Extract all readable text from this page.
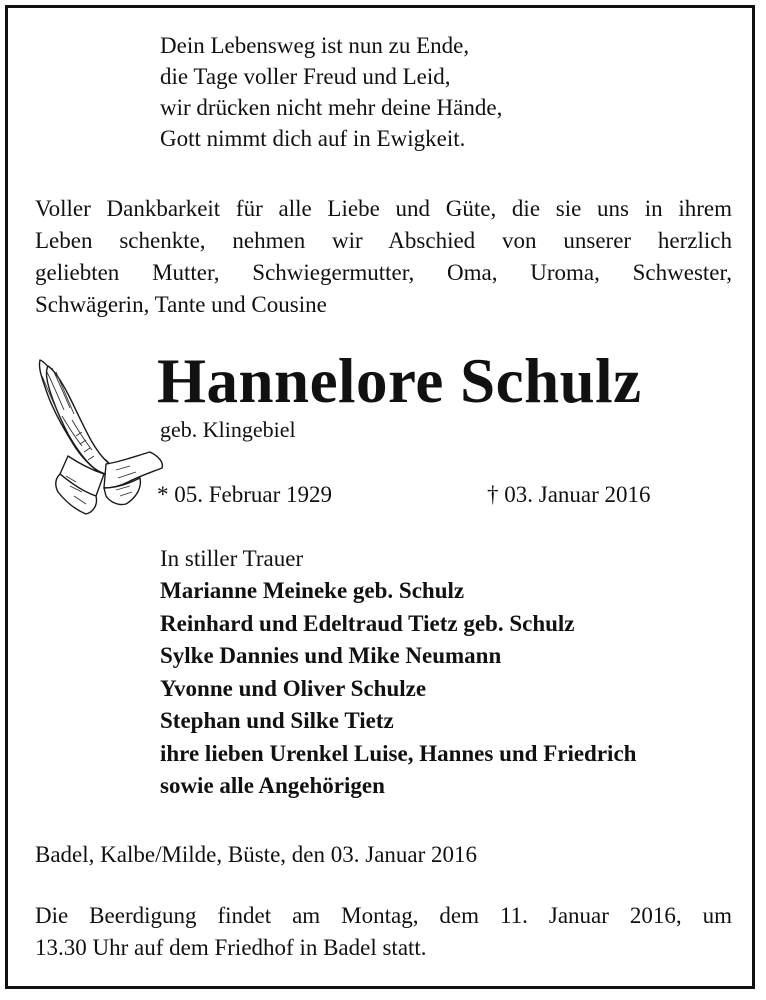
Dein Lebensweg ist nun zu Ende,
die Tage voller Freud und Leid,
wir drücken nicht mehr deine Hände,
Gott nimmt dich auf in Ewigkeit.
Voller Dankbarkeit für alle Liebe und Güte, die sie uns in ihrem
Leben schenkte, nehmen wir Abschied von unserer herzlich
geliebten Mutter, Schwiegermutter, Oma, Uroma, Schwester,
Schwägerin, Tante und Cousine
Hannelore Schulz
geb. Klingebiel
* 05. Februar 1929	† 03. Januar 2016
In stiller Trauer
Marianne Meineke geb. Schulz
Reinhard und Edeltraud Tietz geb. Schulz
Sylke Dannies und Mike Neumann
Yvonne und Oliver Schulze
Stephan und Silke Tietz
ihre lieben Urenkel Luise, Hannes und Friedrich
sowie alle Angehörigen
Badel, Kalbe/Milde, Büste, den 03. Januar 2016
Die Beerdigung findet am Montag, dem 11. Januar 2016, um
13.30 Uhr auf dem Friedhof in Badel statt.
